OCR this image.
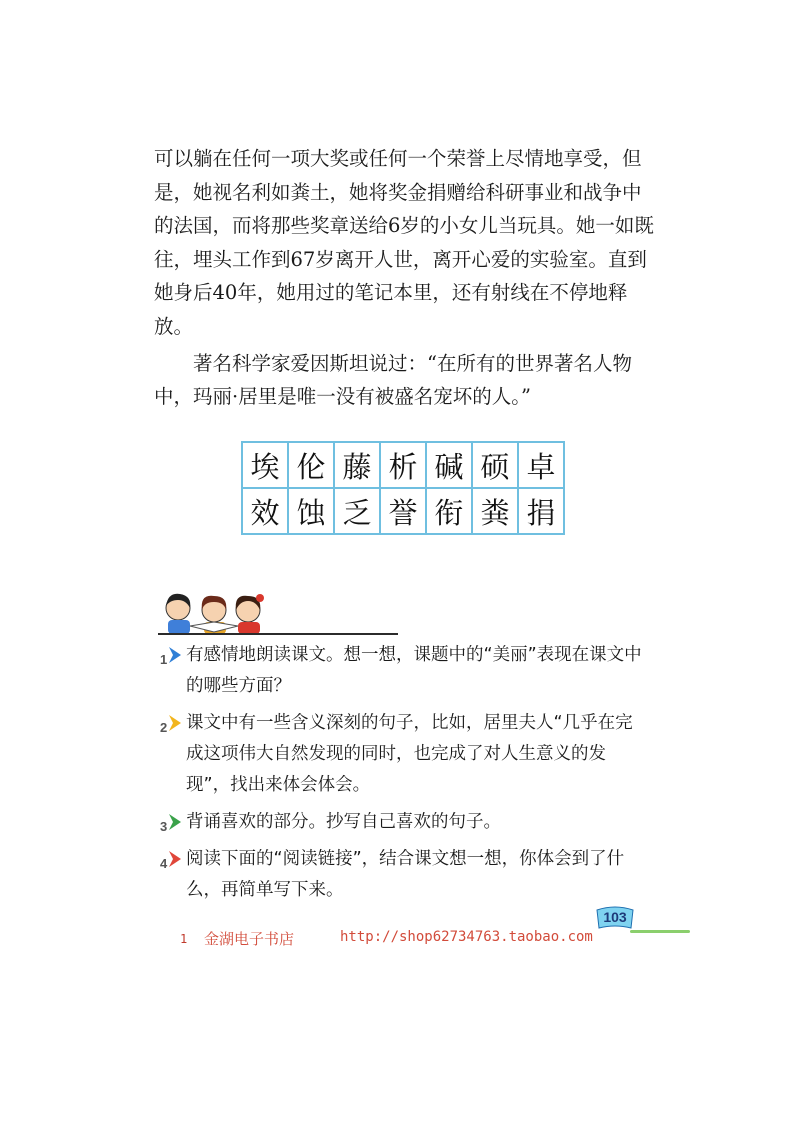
可以躺在任何一项大奖或任何一个荣誉上尽情地享受，但是，她视名利如粪土，她将奖金捐赠给科研事业和战争中的法国，而将那些奖章送给6岁的小女儿当玩具。她一如既往，埋头工作到67岁离开人世，离开心爱的实验室。直到她身后40年，她用过的笔记本里，还有射线在不停地释放。

著名科学家爱因斯坦说过：“在所有的世界著名人物中，玛丽·居里是唯一没有被盛名宠坏的人。”

埃	伦	藤	析	碱	硕	卓
效	蚀	乏	誉	衔	粪	捐
1 有感情地朗读课文。想一想，课题中的“美丽”表现在课文中的哪些方面？
2 课文中有一些含义深刻的句子，比如，居里夫人“几乎在完成这项伟大自然发现的同时，也完成了对人生意义的发现”，找出来体会体会。
3 背诵喜欢的部分。抄写自己喜欢的句子。
4 阅读下面的“阅读链接”，结合课文想一想，你体会到了什么，再简单写下来。
103
1 金湖电子书店	http://shop62734763.taobao.com
